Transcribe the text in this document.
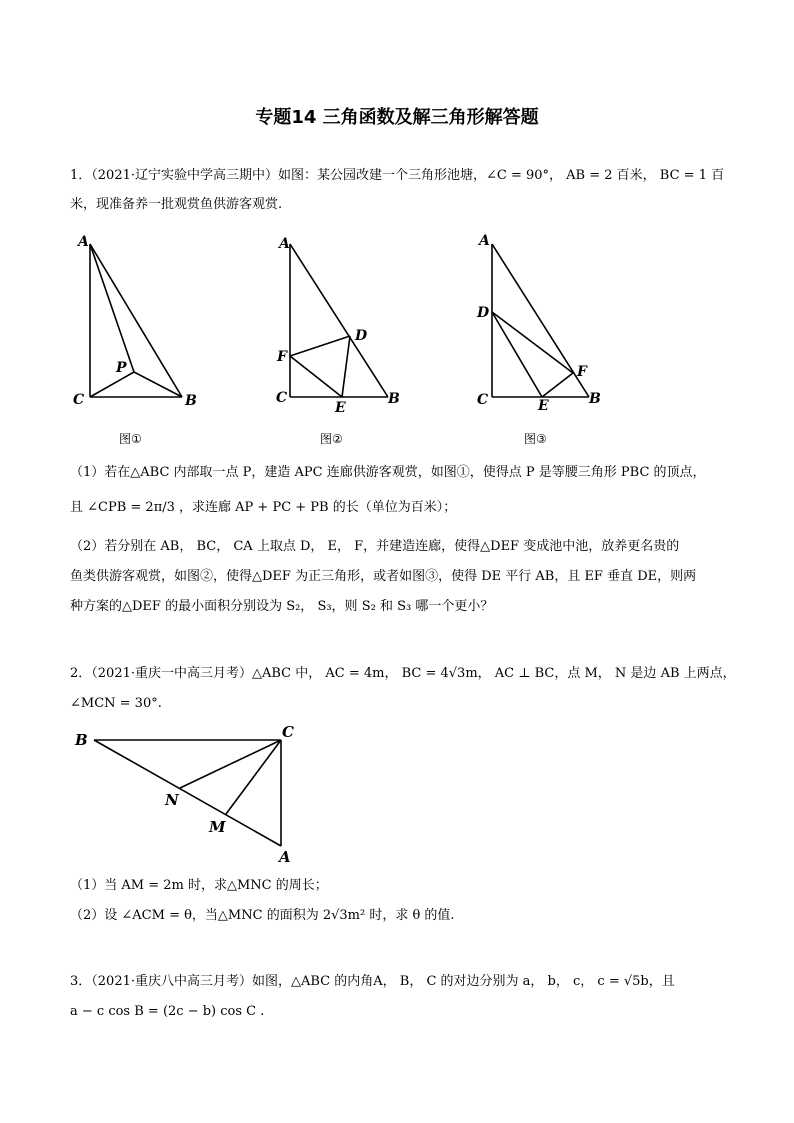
专题14 三角函数及解三角形解答题
1．（2021·辽宁实验中学高三期中）如图：某公园改建一个三角形池塘，∠C = 90°， AB = 2 百米， BC = 1 百
米，现准备养一批观赏鱼供游客观赏.
A
C	B
P
图①
A
D
F
C
E
B
图②
A
D
F
C	E	B
图③
（1）若在△ABC 内部取一点 P，建造 APC 连廊供游客观赏，如图①，使得点 P 是等腰三角形 PBC 的顶点，
且 ∠CPB = 2π/3 ，求连廊 AP + PC + PB 的长（单位为百米）；
（2）若分别在 AB， BC， CA 上取点 D， E， F，并建造连廊，使得△DEF 变成池中池，放养更名贵的
鱼类供游客观赏，如图②，使得△DEF 为正三角形，或者如图③，使得 DE 平行 AB，且 EF 垂直 DE，则两
种方案的△DEF 的最小面积分别设为 S₂， S₃，则 S₂ 和 S₃ 哪一个更小？
2．（2021·重庆一中高三月考）△ABC 中， AC = 4m， BC = 4√3m， AC ⊥ BC，点 M， N 是边 AB 上两点，
∠MCN = 30°.
B	C
N
M
A
（1）当 AM = 2m 时，求△MNC 的周长；
（2）设 ∠ACM = θ，当△MNC 的面积为 2√3m² 时，求 θ 的值.
3．（2021·重庆八中高三月考）如图，△ABC 的内角A， B， C 的对边分别为 a， b， c， c = √5b，且
a − c cos B = (2c − b) cos C .
